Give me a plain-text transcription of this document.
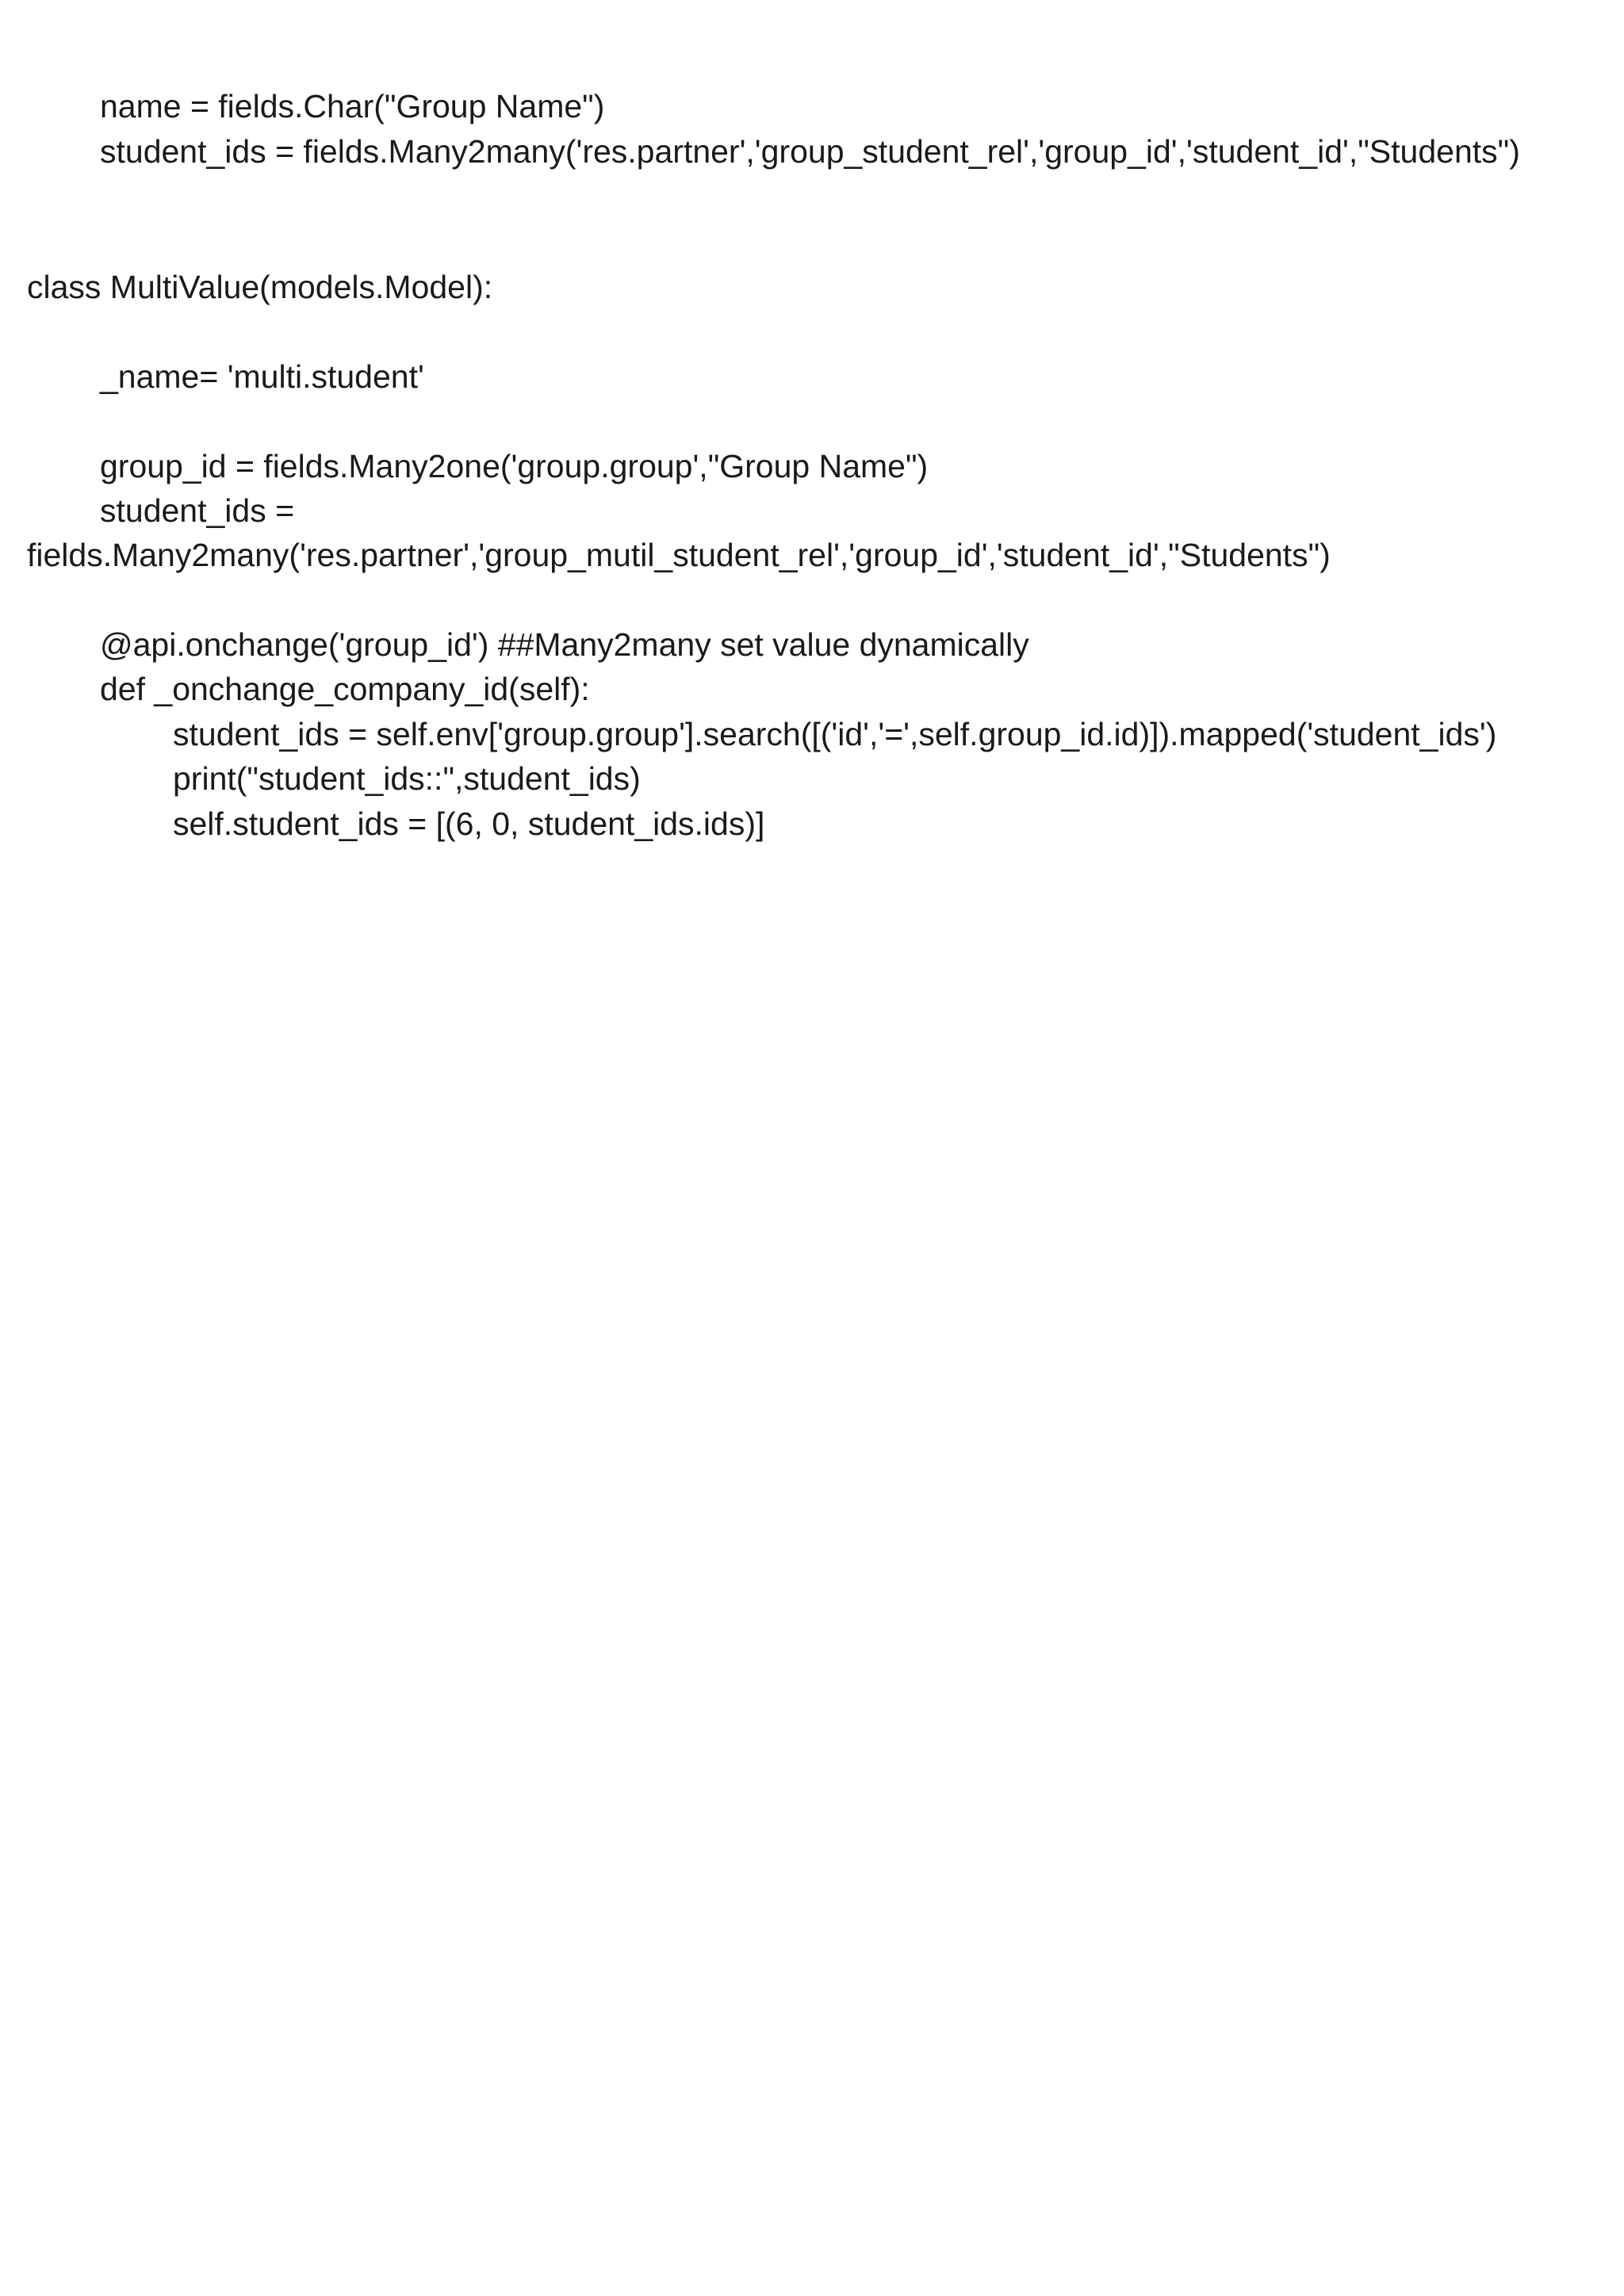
name = fields.Char("Group Name")
student_ids = fields.Many2many('res.partner','group_student_rel','group_id','student_id',"Students")
class MultiValue(models.Model):
_name= 'multi.student'
group_id = fields.Many2one('group.group',"Group Name")
student_ids =
fields.Many2many('res.partner','group_mutil_student_rel','group_id','student_id',"Students")
@api.onchange('group_id') ##Many2many set value dynamically
def _onchange_company_id(self):
student_ids = self.env['group.group'].search([('id','=',self.group_id.id)]).mapped('student_ids')
print("student_ids::",student_ids)
self.student_ids = [(6, 0, student_ids.ids)]
